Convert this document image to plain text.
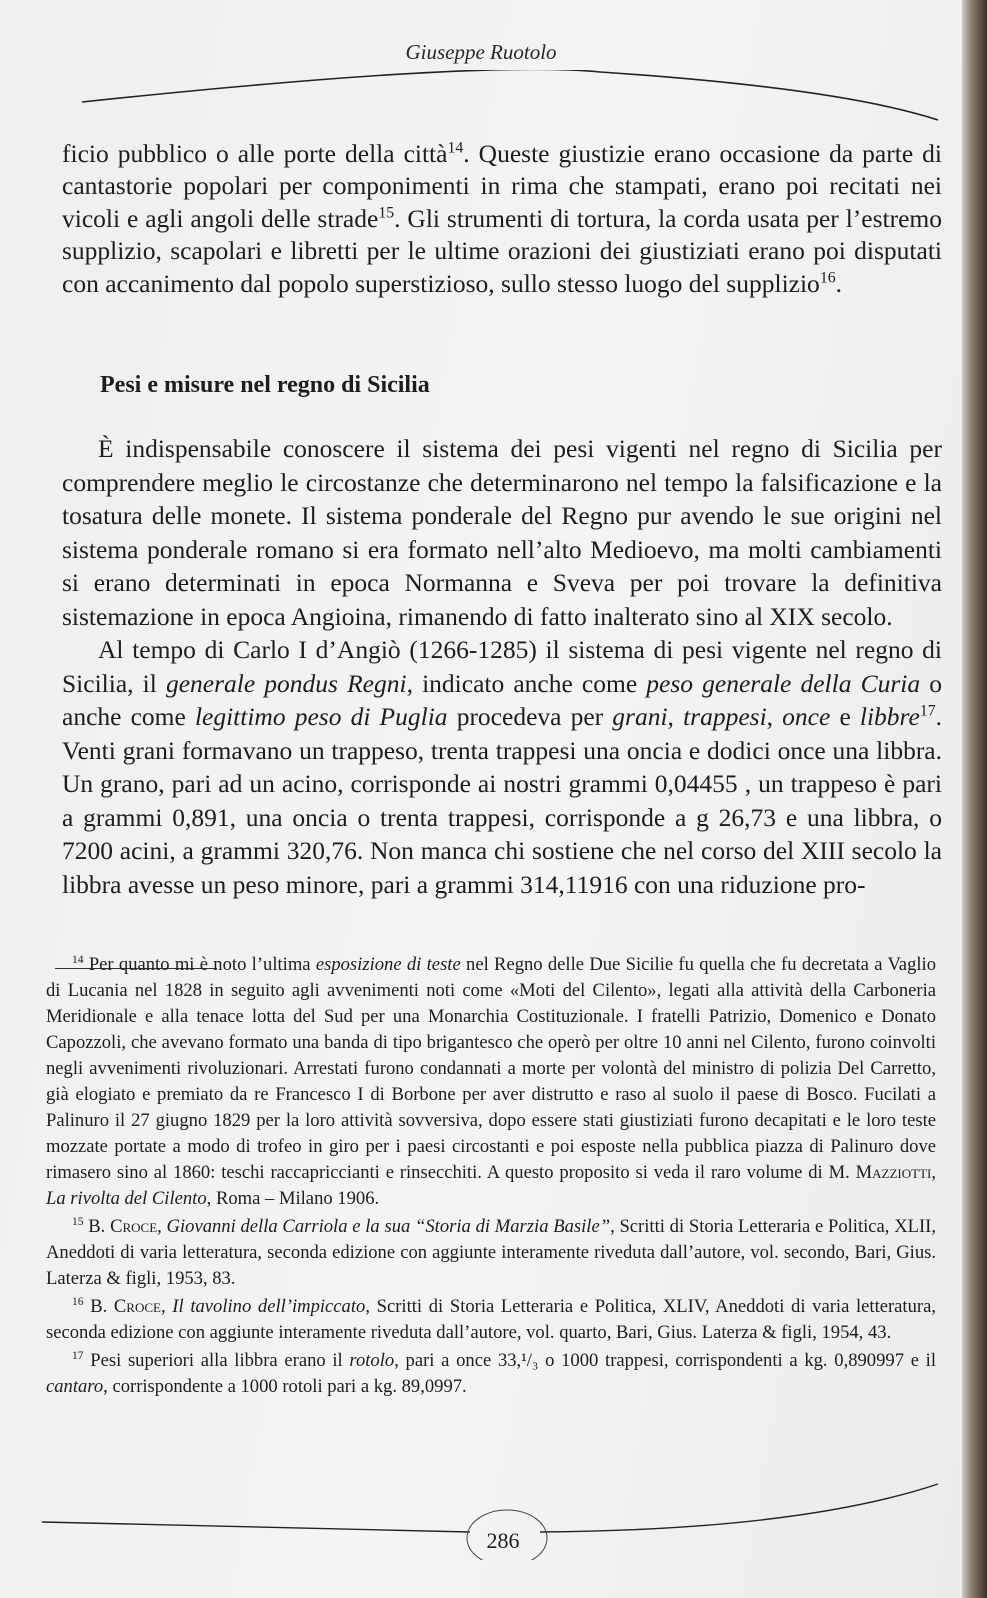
Giuseppe Ruotolo

ficio pubblico o alle porte della città$^{14}$. Queste giustizie erano occasione da parte di cantastorie popolari per componimenti in rima che stampati, erano poi recitati nei vicoli e agli angoli delle strade$^{15}$. Gli strumenti di tortura, la corda usata per l’estremo supplizio, scapolari e libretti per le ultime orazioni dei giustiziati erano poi disputati con accanimento dal popolo superstizioso, sullo stesso luogo del supplizio$^{16}$.

Pesi e misure nel regno di Sicilia

È indispensabile conoscere il sistema dei pesi vigenti nel regno di Sicilia per comprendere meglio le circostanze che determinarono nel tempo la falsificazione e la tosatura delle monete. Il sistema ponderale del Regno pur avendo le sue origini nel sistema ponderale romano si era formato nell’alto Medioevo, ma molti cambiamenti si erano determinati in epoca Normanna e Sveva per poi trovare la definitiva sistemazione in epoca Angioina, rimanendo di fatto inalterato sino al XIX secolo.

Al tempo di Carlo I d’Angiò (1266-1285) il sistema di pesi vigente nel regno di Sicilia, il generale pondus Regni, indicato anche come peso generale della Curia o anche come legittimo peso di Puglia procedeva per grani, trappesi, once e libbre$^{17}$. Venti grani formavano un trappeso, trenta trappesi una oncia e dodici once una libbra. Un grano, pari ad un acino, corrisponde ai nostri grammi 0,04455 , un trappeso è pari a grammi 0,891, una oncia o trenta trappesi, corrisponde a g 26,73 e una libbra, o 7200 acini, a grammi 320,76. Non manca chi sostiene che nel corso del XIII secolo la libbra avesse un peso minore, pari a grammi 314,11916 con una riduzione pro-

$^{14}$ Per quanto mi è noto l’ultima esposizione di teste nel Regno delle Due Sicilie fu quella che fu decretata a Vaglio di Lucania nel 1828 in seguito agli avvenimenti noti come «Moti del Cilento», legati alla attività della Carboneria Meridionale e alla tenace lotta del Sud per una Monarchia Costituzionale. I fratelli Patrizio, Domenico e Donato Capozzoli, che avevano formato una banda di tipo brigantesco che operò per oltre 10 anni nel Cilento, furono coinvolti negli avvenimenti rivoluzionari. Arrestati furono condannati a morte per volontà del ministro di polizia Del Carretto, già elogiato e premiato da re Francesco I di Borbone per aver distrutto e raso al suolo il paese di Bosco. Fucilati a Palinuro il 27 giugno 1829 per la loro attività sovversiva, dopo essere stati giustiziati furono decapitati e le loro teste mozzate portate a modo di trofeo in giro per i paesi circostanti e poi esposte nella pubblica piazza di Palinuro dove rimasero sino al 1860: teschi raccapriccianti e rinsecchiti. A questo proposito si veda il raro volume di M. Mazziotti, La rivolta del Cilento, Roma – Milano 1906.

$^{15}$ B. Croce, Giovanni della Carriola e la sua “Storia di Marzia Basile”, Scritti di Storia Letteraria e Politica, XLII, Aneddoti di varia letteratura, seconda edizione con aggiunte interamente riveduta dall’autore, vol. secondo, Bari, Gius. Laterza & figli, 1953, 83.

$^{16}$ B. Croce, Il tavolino dell’impiccato, Scritti di Storia Letteraria e Politica, XLIV, Aneddoti di varia letteratura, seconda edizione con aggiunte interamente riveduta dall’autore, vol. quarto, Bari, Gius. Laterza & figli, 1954, 43.

$^{17}$ Pesi superiori alla libbra erano il rotolo, pari a once 33,¹/₃ o 1000 trappesi, corrispondenti a kg. 0,890997 e il cantaro, corrispondente a 1000 rotoli pari a kg. 89,0997.

286
